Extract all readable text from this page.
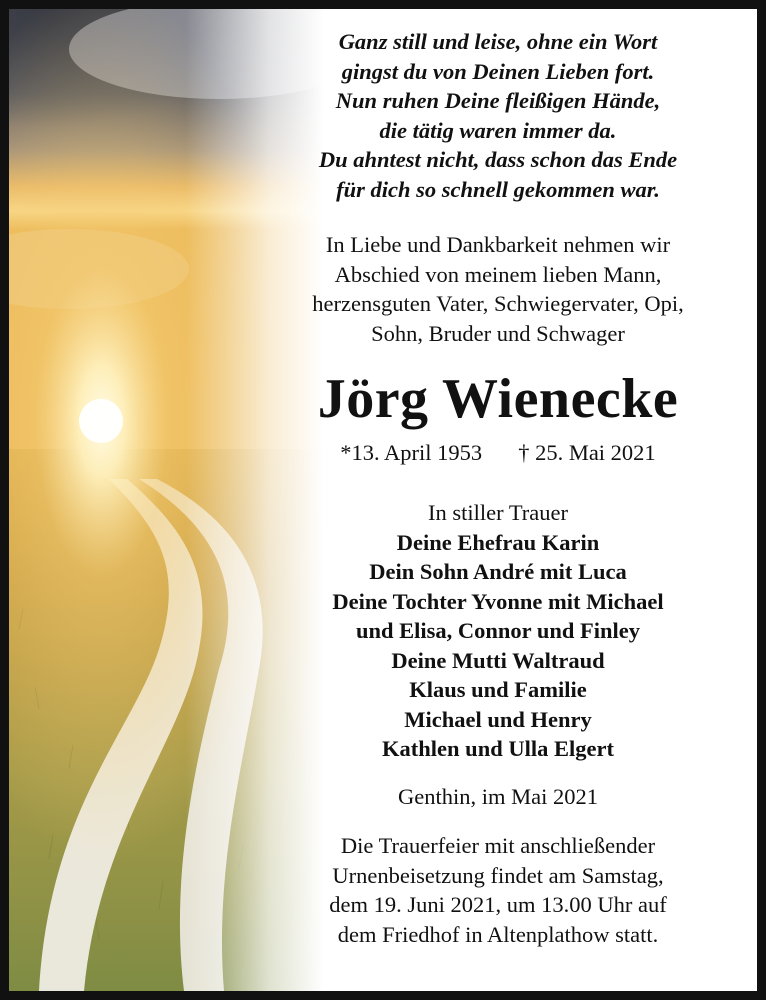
Ganz still und leise, ohne ein Wort
gingst du von Deinen Lieben fort.
Nun ruhen Deine fleißigen Hände,
die tätig waren immer da.
Du ahntest nicht, dass schon das Ende
für dich so schnell gekommen war.
In Liebe und Dankbarkeit nehmen wir
Abschied von meinem lieben Mann,
herzensguten Vater, Schwiegervater, Opi,
Sohn, Bruder und Schwager
Jörg Wienecke
*13. April 1953 † 25. Mai 2021
In stiller Trauer
Deine Ehefrau Karin
Dein Sohn André mit Luca
Deine Tochter Yvonne mit Michael
und Elisa, Connor und Finley
Deine Mutti Waltraud
Klaus und Familie
Michael und Henry
Kathlen und Ulla Elgert
Genthin, im Mai 2021
Die Trauerfeier mit anschließender
Urnenbeisetzung findet am Samstag,
dem 19. Juni 2021, um 13.00 Uhr auf
dem Friedhof in Altenplathow statt.
